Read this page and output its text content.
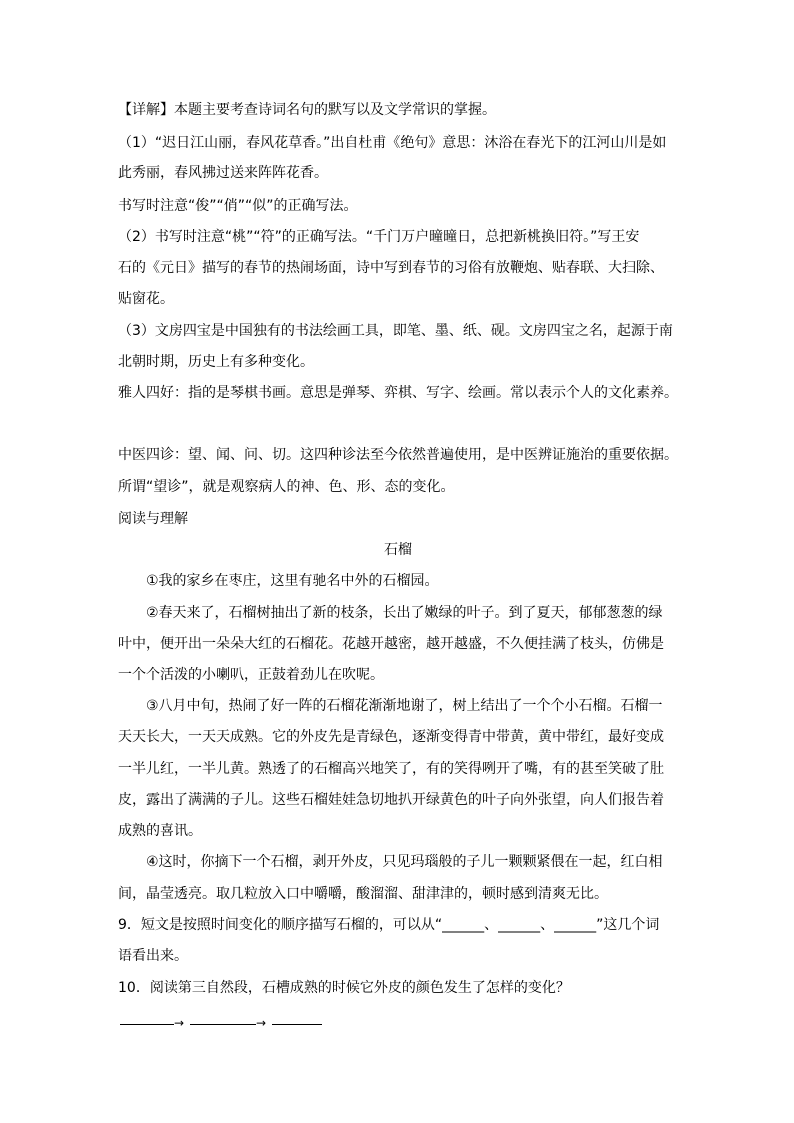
【详解】本题主要考查诗词名句的默写以及文学常识的掌握。
（1）“迟日江山丽，春风花草香。”出自杜甫《绝句》意思：沐浴在春光下的江河山川是如
此秀丽，春风拂过送来阵阵花香。
书写时注意“俊”“俏”“似”的正确写法。
（2）书写时注意“桃”“符”的正确写法。“千门万户曈曈日，总把新桃换旧符。”写王安
石的《元日》描写的春节的热闹场面，诗中写到春节的习俗有放鞭炮、贴春联、大扫除、
贴窗花。
（3）文房四宝是中国独有的书法绘画工具，即笔、墨、纸、砚。文房四宝之名，起源于南
北朝时期，历史上有多种变化。
雅人四好：指的是琴棋书画。意思是弹琴、弈棋、写字、绘画。常以表示个人的文化素养。
中医四诊：望、闻、问、切。这四种诊法至今依然普遍使用，是中医辨证施治的重要依据。
所谓“望诊”，就是观察病人的神、色、形、态的变化。
阅读与理解
石榴
①我的家乡在枣庄，这里有驰名中外的石榴园。
②春天来了，石榴树抽出了新的枝条，长出了嫩绿的叶子。到了夏天，郁郁葱葱的绿
叶中，便开出一朵朵大红的石榴花。花越开越密，越开越盛，不久便挂满了枝头，仿佛是
一个个活泼的小喇叭，正鼓着劲儿在吹呢。
③八月中旬，热闹了好一阵的石榴花渐渐地谢了，树上结出了一个个小石榴。石榴一
天天长大，一天天成熟。它的外皮先是青绿色，逐渐变得青中带黄，黄中带红，最好变成
一半儿红，一半儿黄。熟透了的石榴高兴地笑了，有的笑得咧开了嘴，有的甚至笑破了肚
皮，露出了满满的子儿。这些石榴娃娃急切地扒开绿黄色的叶子向外张望，向人们报告着
成熟的喜讯。
④这时，你摘下一个石榴，剥开外皮，只见玛瑙般的子儿一颗颗紧偎在一起，红白相
间，晶莹透亮。取几粒放入口中嚼嚼，酸溜溜、甜津津的，顿时感到清爽无比。
9．短文是按照时间变化的顺序描写石榴的，可以从“______、______、______”这几个词
语看出来。
10．阅读第三自然段，石槽成熟的时候它外皮的颜色发生了怎样的变化？
→	→
